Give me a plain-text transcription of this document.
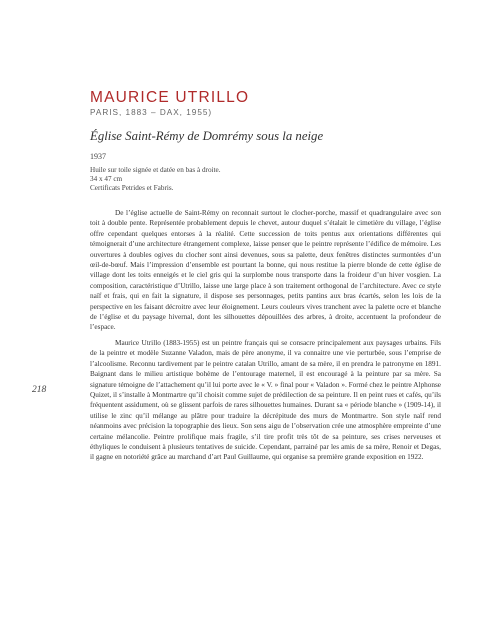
MAURICE UTRILLO
PARIS, 1883 – DAX, 1955)
Église Saint-Rémy de Domrémy sous la neige
1937
Huile sur toile signée et datée en bas à droite.
34 x 47 cm
Certificats Petrides et Fabris.
218

De l’église actuelle de Saint-Rémy on reconnait surtout le clocher-porche, massif et quadrangulaire avec son toit à double pente. Représentée probablement depuis le chevet, autour duquel s’étalait le cimetière du village, l’église offre cependant quelques entorses à la réalité. Cette succession de toits pentus aux orientations différentes qui témoignerait d’une architecture étrangement complexe, laisse penser que le peintre représente l’édifice de mémoire. Les ouvertures à doubles ogives du clocher sont ainsi devenues, sous sa palette, deux fenêtres distinctes surmontées d’un œil-de-bœuf. Mais l’impression d’ensemble est pourtant la bonne, qui nous restitue la pierre blonde de cette église de village dont les toits enneigés et le ciel gris qui la surplombe nous transporte dans la froideur d’un hiver vosgien. La composition, caractéristique d’Utrillo, laisse une large place à son traitement orthogonal de l’architecture. Avec ce style naïf et frais, qui en fait la signature, il dispose ses personnages, petits pantins aux bras écartés, selon les lois de la perspective en les faisant décroitre avec leur éloignement. Leurs couleurs vives tranchent avec la palette ocre et blanche de l’église et du paysage hivernal, dont les silhouettes dépouillées des arbres, à droite, accentuent la profondeur de l’espace.

Maurice Utrillo (1883-1955) est un peintre français qui se consacre principalement aux paysages urbains. Fils de la peintre et modèle Suzanne Valadon, mais de père anonyme, il va connaitre une vie perturbée, sous l’emprise de l’alcoolisme. Reconnu tardivement par le peintre catalan Utrillo, amant de sa mère, il en prendra le patronyme en 1891. Baignant dans le milieu artistique bohème de l’entourage maternel, il est encouragé à la peinture par sa mère. Sa signature témoigne de l’attachement qu’il lui porte avec le « V. » final pour « Valadon ». Formé chez le peintre Alphonse Quizet, il s’installe à Montmartre qu’il choisit comme sujet de prédilection de sa peinture. Il en peint rues et cafés, qu’ils fréquentent assidument, où se glissent parfois de rares silhouettes humaines. Durant sa « période blanche » (1909-14), il utilise le zinc qu’il mélange au plâtre pour traduire la décrépitude des murs de Montmartre. Son style naïf rend néanmoins avec précision la topographie des lieux. Son sens aigu de l’observation crée une atmosphère empreinte d’une certaine mélancolie. Peintre prolifique mais fragile, s’il tire profit très tôt de sa peinture, ses crises nerveuses et éthyliques le conduisent à plusieurs tentatives de suicide. Cependant, parrainé par les amis de sa mère, Renoir et Degas, il gagne en notoriété grâce au marchand d’art Paul Guillaume, qui organise sa première grande exposition en 1922.
